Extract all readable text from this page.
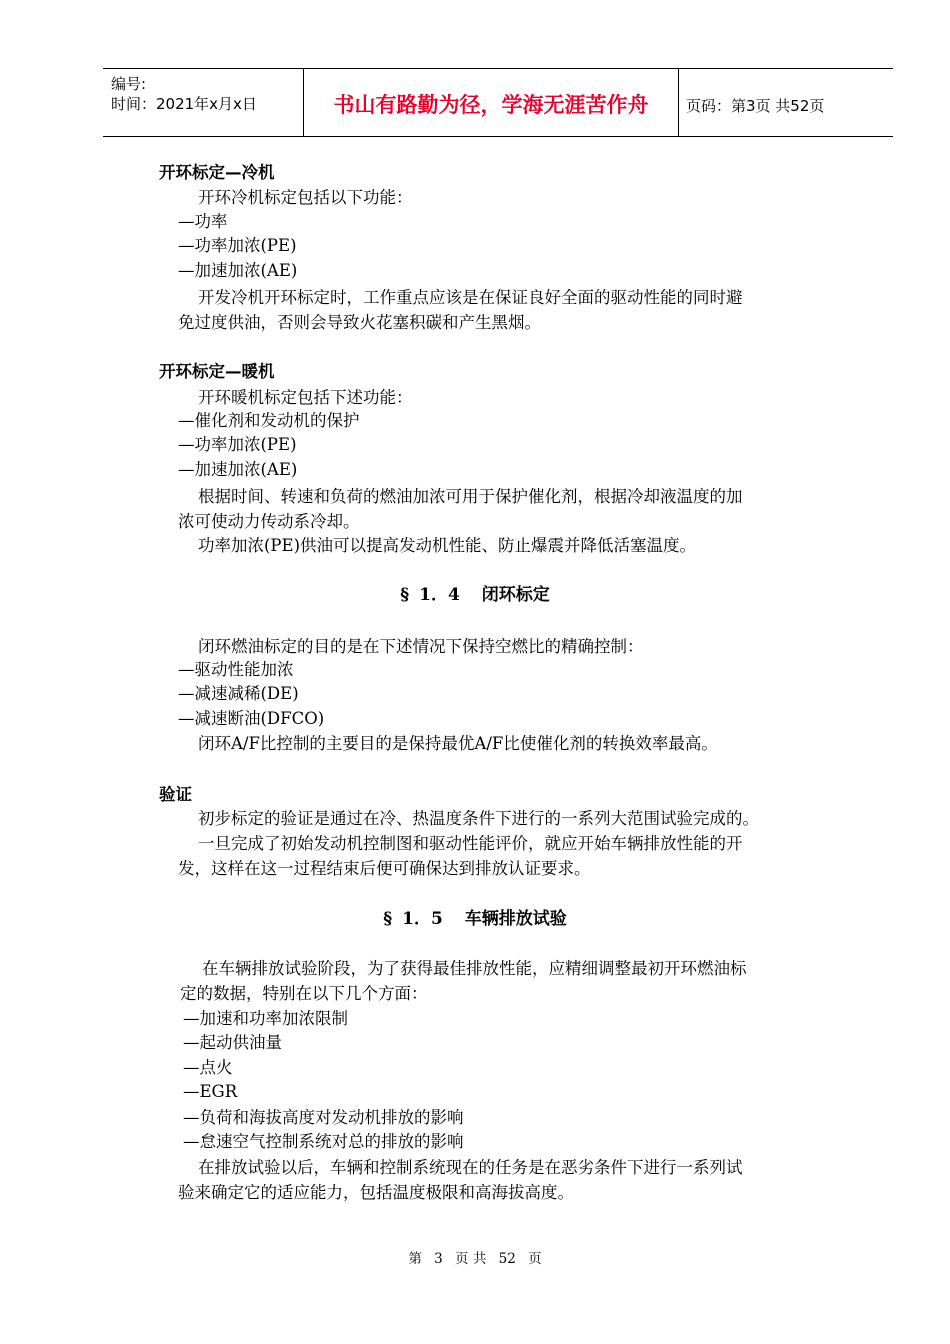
编号:
时间：2021年x月x日	书山有路勤为径，学海无涯苦作舟	页码：第3页 共52页
开环标定—冷机
开环冷机标定包括以下功能：
—功率
—功率加浓(PE)
—加速加浓(AE)
开发冷机开环标定时，工作重点应该是在保证良好全面的驱动性能的同时避
免过度供油，否则会导致火花塞积碳和产生黑烟。
开环标定—暖机
开环暖机标定包括下述功能：
—催化剂和发动机的保护
—功率加浓(PE)
—加速加浓(AE)
根据时间、转速和负荷的燃油加浓可用于保护催化剂，根据冷却液温度的加
浓可使动力传动系冷却。
功率加浓(PE)供油可以提高发动机性能、防止爆震并降低活塞温度。
§ 1．4 闭环标定
闭环燃油标定的目的是在下述情况下保持空燃比的精确控制：
—驱动性能加浓
—减速减稀(DE)
—减速断油(DFCO)
闭环A/F比控制的主要目的是保持最优A/F比使催化剂的转换效率最高。
验证
初步标定的验证是通过在冷、热温度条件下进行的一系列大范围试验完成的。
一旦完成了初始发动机控制图和驱动性能评价，就应开始车辆排放性能的开
发，这样在这一过程结束后便可确保达到排放认证要求。
§ 1．5 车辆排放试验
在车辆排放试验阶段，为了获得最佳排放性能，应精细调整最初开环燃油标
定的数据，特别在以下几个方面：
—加速和功率加浓限制
—起动供油量
—点火
—EGR
—负荷和海拔高度对发动机排放的影响
—怠速空气控制系统对总的排放的影响
在排放试验以后，车辆和控制系统现在的任务是在恶劣条件下进行一系列试
验来确定它的适应能力，包括温度极限和高海拔高度。
第 3 页 共 52 页
